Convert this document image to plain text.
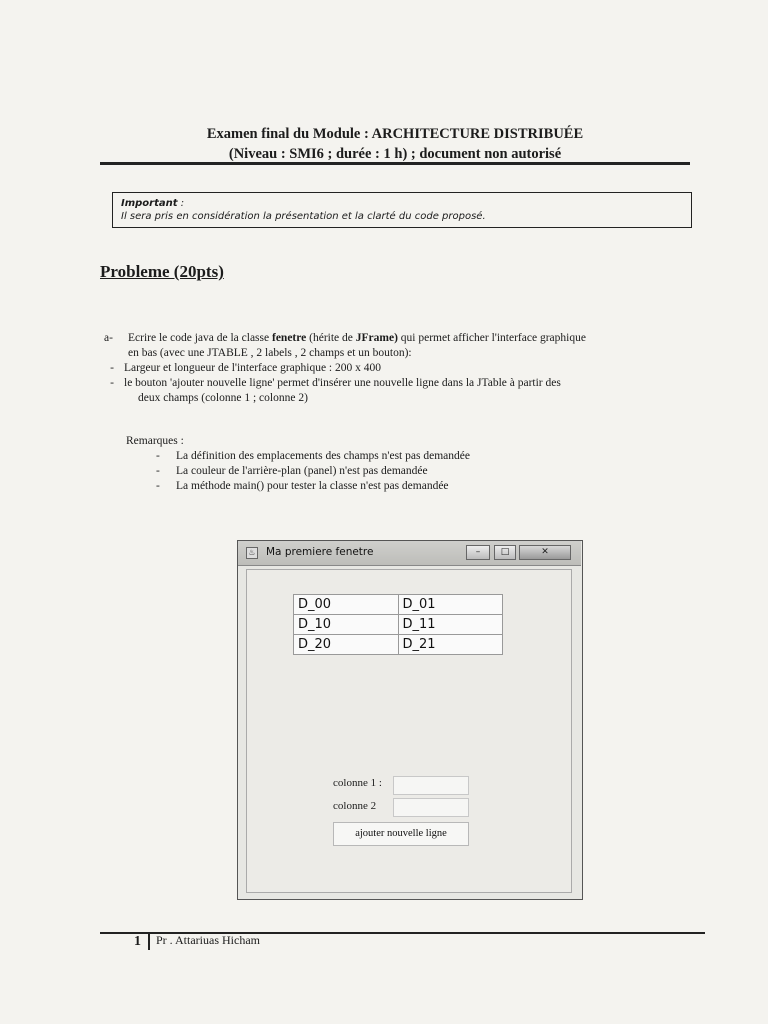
Examen final du Module : ARCHITECTURE DISTRIBUÉE
(Niveau : SMI6 ; durée : 1 h) ; document non autorisé
Important :
Il sera pris en considération la présentation et la clarté du code proposé.
Probleme (20pts)
a-	Ecrire le code java de la classe fenetre (hérite de JFrame) qui permet afficher l'interface graphique
en bas (avec une JTABLE , 2 labels , 2 champs et un bouton):
- Largeur et longueur de l'interface graphique : 200 x 400
- le bouton 'ajouter nouvelle ligne' permet d'insérer une nouvelle ligne dans la JTable à partir des
deux champs (colonne 1 ; colonne 2)
Remarques :
-	La définition des emplacements des champs n'est pas demandée
-	La couleur de l'arrière-plan (panel) n'est pas demandée
-	La méthode main() pour tester la classe n'est pas demandée
♨ Ma premiere fenetre	–	□	✕
D_00	D_01
D_10	D_11
D_20	D_21
colonne 1 :
colonne 2
ajouter nouvelle ligne
1 Pr . Attariuas Hicham
